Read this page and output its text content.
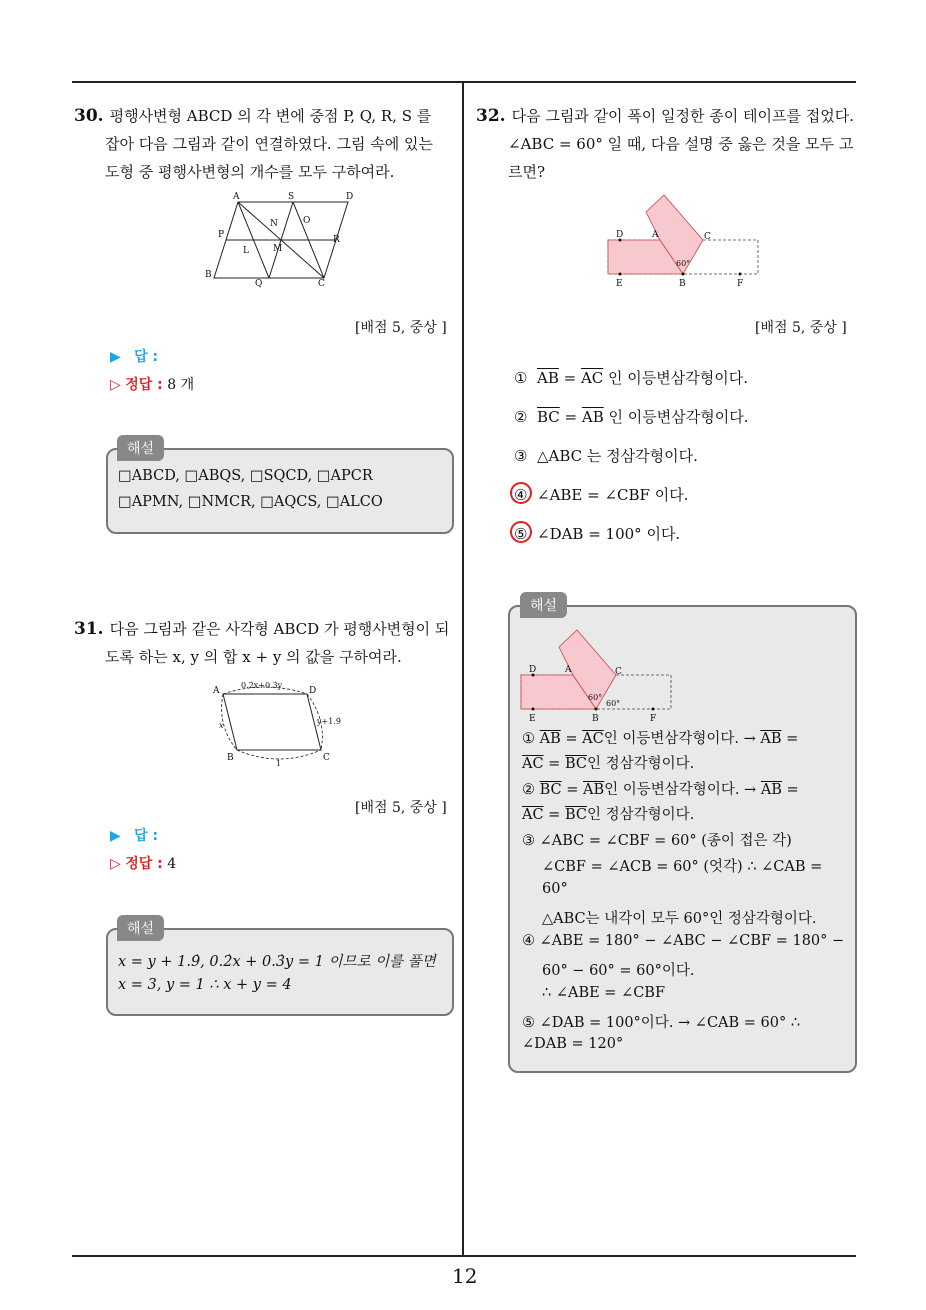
30. 평행사변형 ABCD 의 각 변에 중점 P, Q, R, S 를
잡아 다음 그림과 같이 연결하였다. 그림 속에 있는
도형 중 평행사변형의 개수를 모두 구하여라.
A	S	D
P
N	O
R
L	M
B
Q	C
[배점 5, 중상 ]
▶ 답 :
▷ 정답 : 8 개
해설
□ABCD, □ABQS, □SQCD, □APCR
□APMN, □NMCR, □AQCS, □ALCO
31. 다음 그림과 같은 사각형 ABCD 가 평행사변형이 되
도록 하는 x, y 의 합 x + y 의 값을 구하여라.
A	D
B	C
0.2̇x+0.3̇y
y+1.9̇
x
1
[배점 5, 중상 ]
▶ 답 :
▷ 정답 : 4
해설
x = y + 1.9̇, 0.2̇x + 0.3̇y = 1 이므로 이를 풀면
x = 3, y = 1 ∴ x + y = 4
32. 다음 그림과 같이 폭이 일정한 종이 테이프를 접었다.
∠ABC = 60° 일 때, 다음 설명 중 옳은 것을 모두 고
르면?
D	A	C
E	B	F
60°
[배점 5, 중상 ]
① $\overline{AB} = \overline{AC}$ 인 이등변삼각형이다.
② $\overline{BC} = \overline{AB}$ 인 이등변삼각형이다.
③ △ABC 는 정삼각형이다.
④ ∠ABE = ∠CBF 이다.
⑤ ∠DAB = 100° 이다.
해설
D	A	C
E	B	F
60°
60°
① $\overline{AB} = \overline{AC}$인 이등변삼각형이다. → $\overline{AB}$ =
$\overline{AC} = \overline{BC}$인 정삼각형이다.
② $\overline{BC} = \overline{AB}$인 이등변삼각형이다. → $\overline{AB}$ =
$\overline{AC} = \overline{BC}$인 정삼각형이다.
③ ∠ABC = ∠CBF = 60° (종이 접은 각)
∠CBF = ∠ACB = 60° (엇각) ∴ ∠CAB =
60°
△ABC는 내각이 모두 60°인 정삼각형이다.
④ ∠ABE = 180° − ∠ABC − ∠CBF = 180° −
60° − 60° = 60°이다.
∴ ∠ABE = ∠CBF
⑤ ∠DAB = 100°이다. → ∠CAB = 60° ∴
∠DAB = 120°
12
